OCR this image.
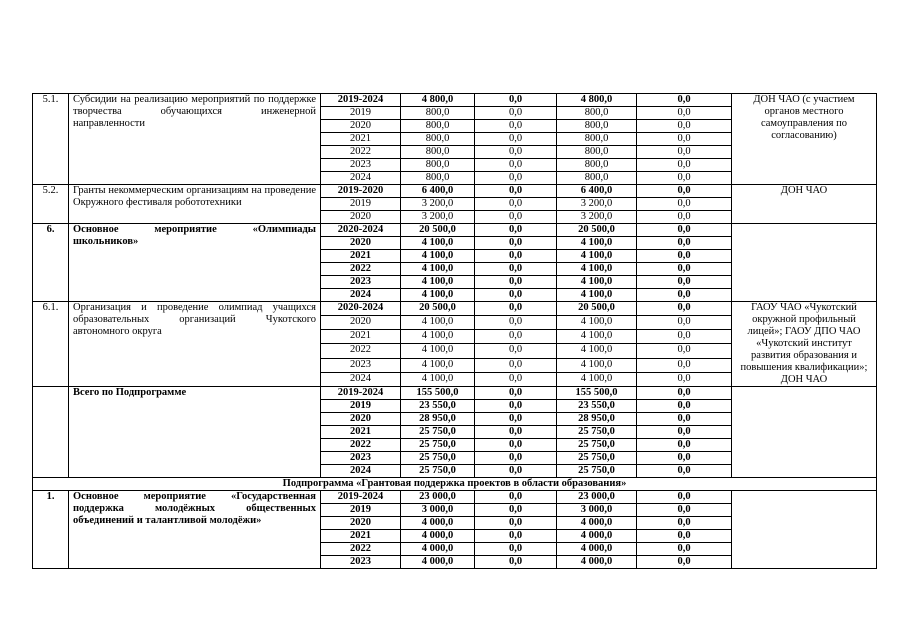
5.1.	Субсидии на реализацию мероприятий по поддержке творчества обучающихся инженерной направленности	2019-2024	4 800,0	0,0	4 800,0	0,0	ДОН ЧАО (с участием органов местного самоуправления по согласованию)
		2019	800,0	0,0	800,0	0,0	
		2020	800,0	0,0	800,0	0,0	
		2021	800,0	0,0	800,0	0,0	
		2022	800,0	0,0	800,0	0,0	
		2023	800,0	0,0	800,0	0,0	
		2024	800,0	0,0	800,0	0,0	
5.2.	Гранты некоммерческим организациям на проведение Окружного фестиваля робототехники	2019-2020	6 400,0	0,0	6 400,0	0,0	ДОН ЧАО
		2019	3 200,0	0,0	3 200,0	0,0	
		2020	3 200,0	0,0	3 200,0	0,0	
6.	Основное мероприятие «Олимпиады школьников»	2020-2024	20 500,0	0,0	20 500,0	0,0	
		2020	4 100,0	0,0	4 100,0	0,0	
		2021	4 100,0	0,0	4 100,0	0,0	
		2022	4 100,0	0,0	4 100,0	0,0	
		2023	4 100,0	0,0	4 100,0	0,0	
		2024	4 100,0	0,0	4 100,0	0,0	
6.1.	Организация и проведение олимпиад учащихся образовательных организаций Чукотского автономного округа	2020-2024	20 500,0	0,0	20 500,0	0,0	ГАОУ ЧАО «Чукотский окружной профильный лицей»; ГАОУ ДПО ЧАО «Чукотский институт развития образования и повышения квалификации»; ДОН ЧАО
		2020	4 100,0	0,0	4 100,0	0,0	
		2021	4 100,0	0,0	4 100,0	0,0	
		2022	4 100,0	0,0	4 100,0	0,0	
		2023	4 100,0	0,0	4 100,0	0,0	
		2024	4 100,0	0,0	4 100,0	0,0	
	Всего по Подпрограмме	2019-2024	155 500,0	0,0	155 500,0	0,0	
		2019	23 550,0	0,0	23 550,0	0,0	
		2020	28 950,0	0,0	28 950,0	0,0	
		2021	25 750,0	0,0	25 750,0	0,0	
		2022	25 750,0	0,0	25 750,0	0,0	
		2023	25 750,0	0,0	25 750,0	0,0	
		2024	25 750,0	0,0	25 750,0	0,0	
Подпрограмма «Грантовая поддержка проектов в области образования»							
1.	Основное мероприятие «Государственная поддержка молодёжных общественных объединений и талантливой молодёжи»	2019-2024	23 000,0	0,0	23 000,0	0,0	
		2019	3 000,0	0,0	3 000,0	0,0	
		2020	4 000,0	0,0	4 000,0	0,0	
		2021	4 000,0	0,0	4 000,0	0,0	
		2022	4 000,0	0,0	4 000,0	0,0	
		2023	4 000,0	0,0	4 000,0	0,0	
